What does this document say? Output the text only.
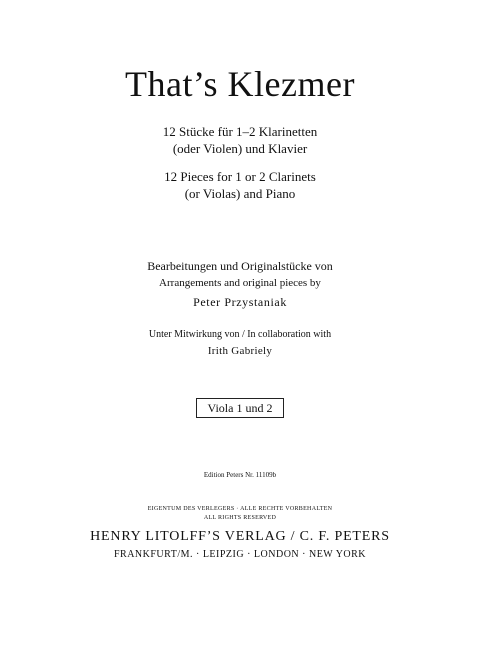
That’s Klezmer
12 Stücke für 1–2 Klarinetten
(oder Violen) und Klavier
12 Pieces for 1 or 2 Clarinets
(or Violas) and Piano
Bearbeitungen und Originalstücke von
Arrangements and original pieces by
Peter Przystaniak
Unter Mitwirkung von / In collaboration with
Irith Gabriely
Viola 1 und 2
Edition Peters Nr. 11109b
EIGENTUM DES VERLEGERS · ALLE RECHTE VORBEHALTEN
ALL RIGHTS RESERVED
HENRY LITOLFF’S VERLAG / C. F. PETERS
FRANKFURT/M. · LEIPZIG · LONDON · NEW YORK
